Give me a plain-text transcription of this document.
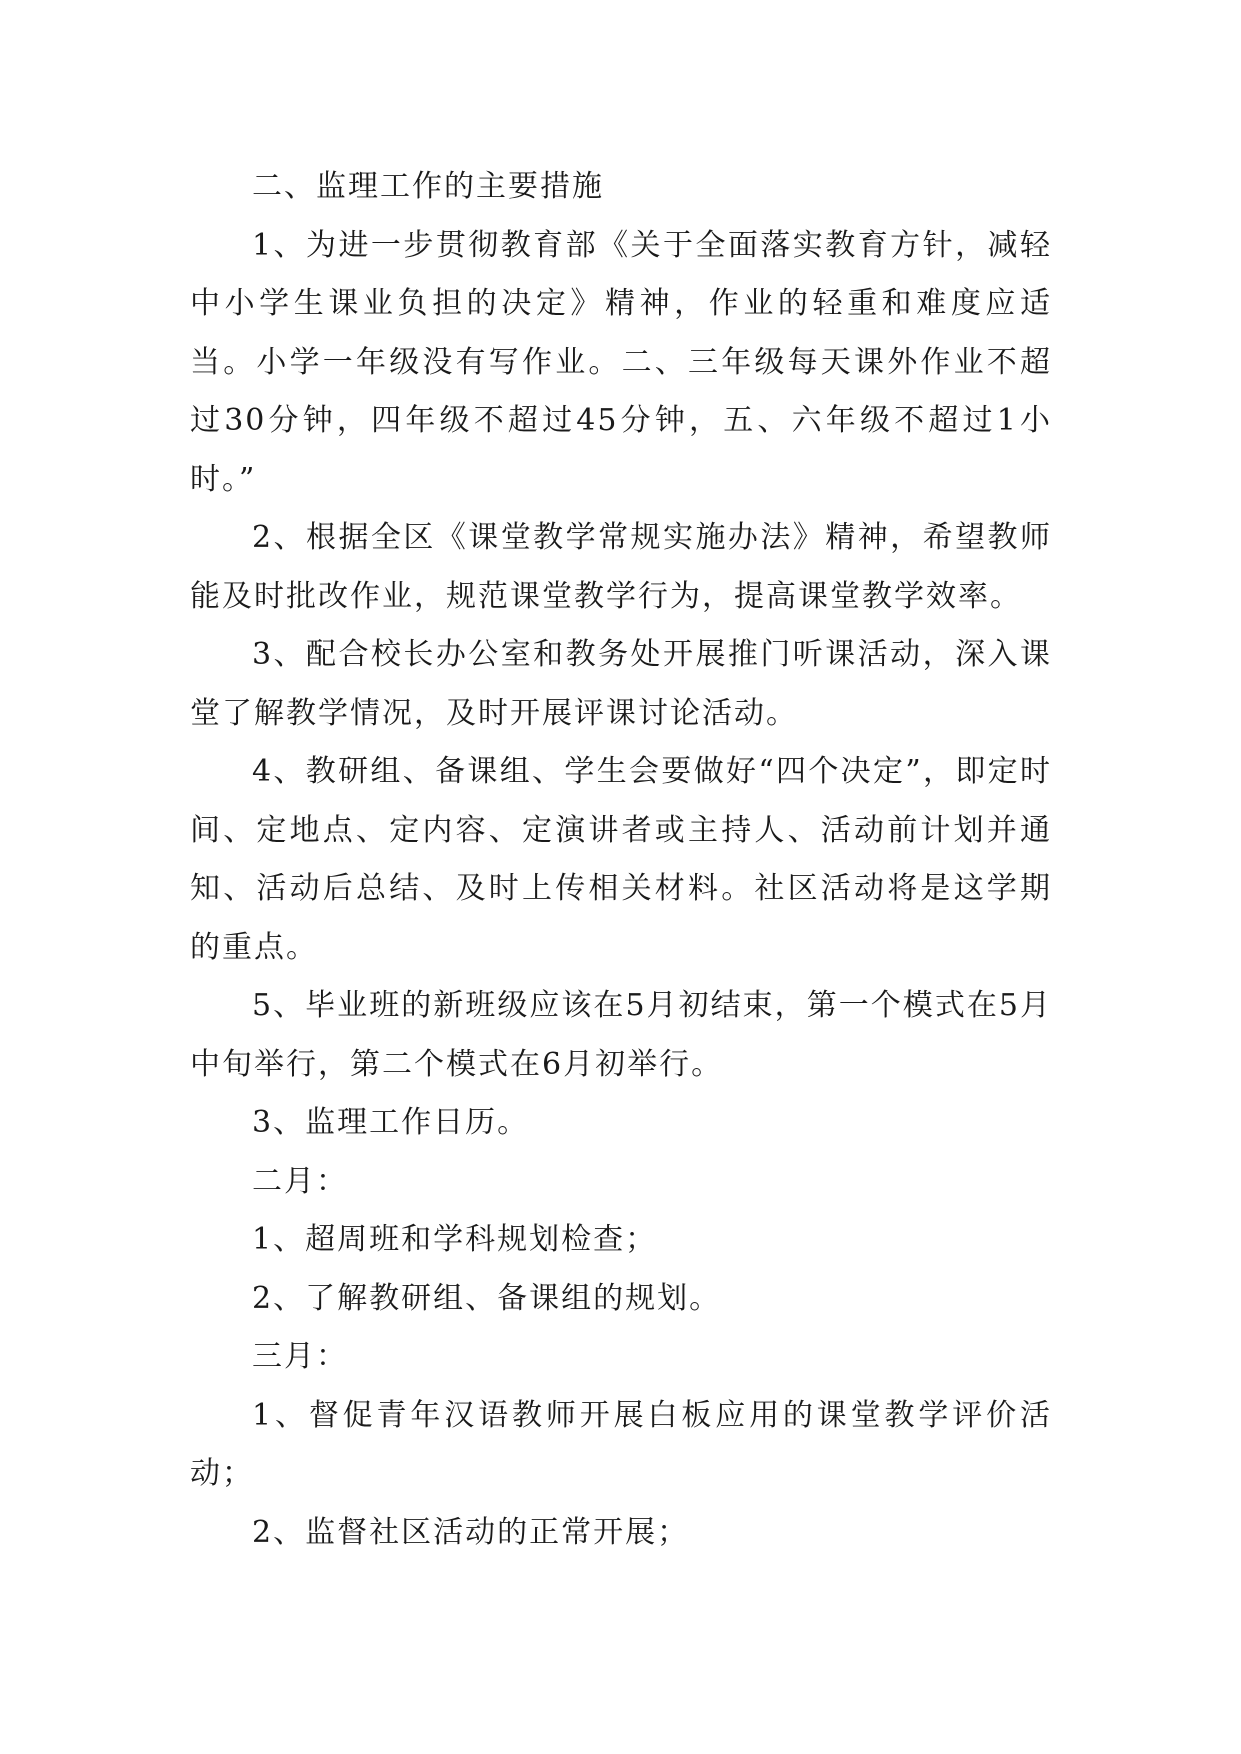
二、监理工作的主要措施

1、为进一步贯彻教育部《关于全面落实教育方针，减轻中小学生课业负担的决定》精神，作业的轻重和难度应适当。小学一年级没有写作业。二、三年级每天课外作业不超过30分钟，四年级不超过45分钟，五、六年级不超过1小时。”

2、根据全区《课堂教学常规实施办法》精神，希望教师能及时批改作业，规范课堂教学行为，提高课堂教学效率。

3、配合校长办公室和教务处开展推门听课活动，深入课堂了解教学情况，及时开展评课讨论活动。

4、教研组、备课组、学生会要做好“四个决定”，即定时间、定地点、定内容、定演讲者或主持人、活动前计划并通知、活动后总结、及时上传相关材料。社区活动将是这学期的重点。

5、毕业班的新班级应该在5月初结束，第一个模式在5月中旬举行，第二个模式在6月初举行。

3、监理工作日历。

二月：

1、超周班和学科规划检查；

2、了解教研组、备课组的规划。

三月：

1、督促青年汉语教师开展白板应用的课堂教学评价活动；

2、监督社区活动的正常开展；
